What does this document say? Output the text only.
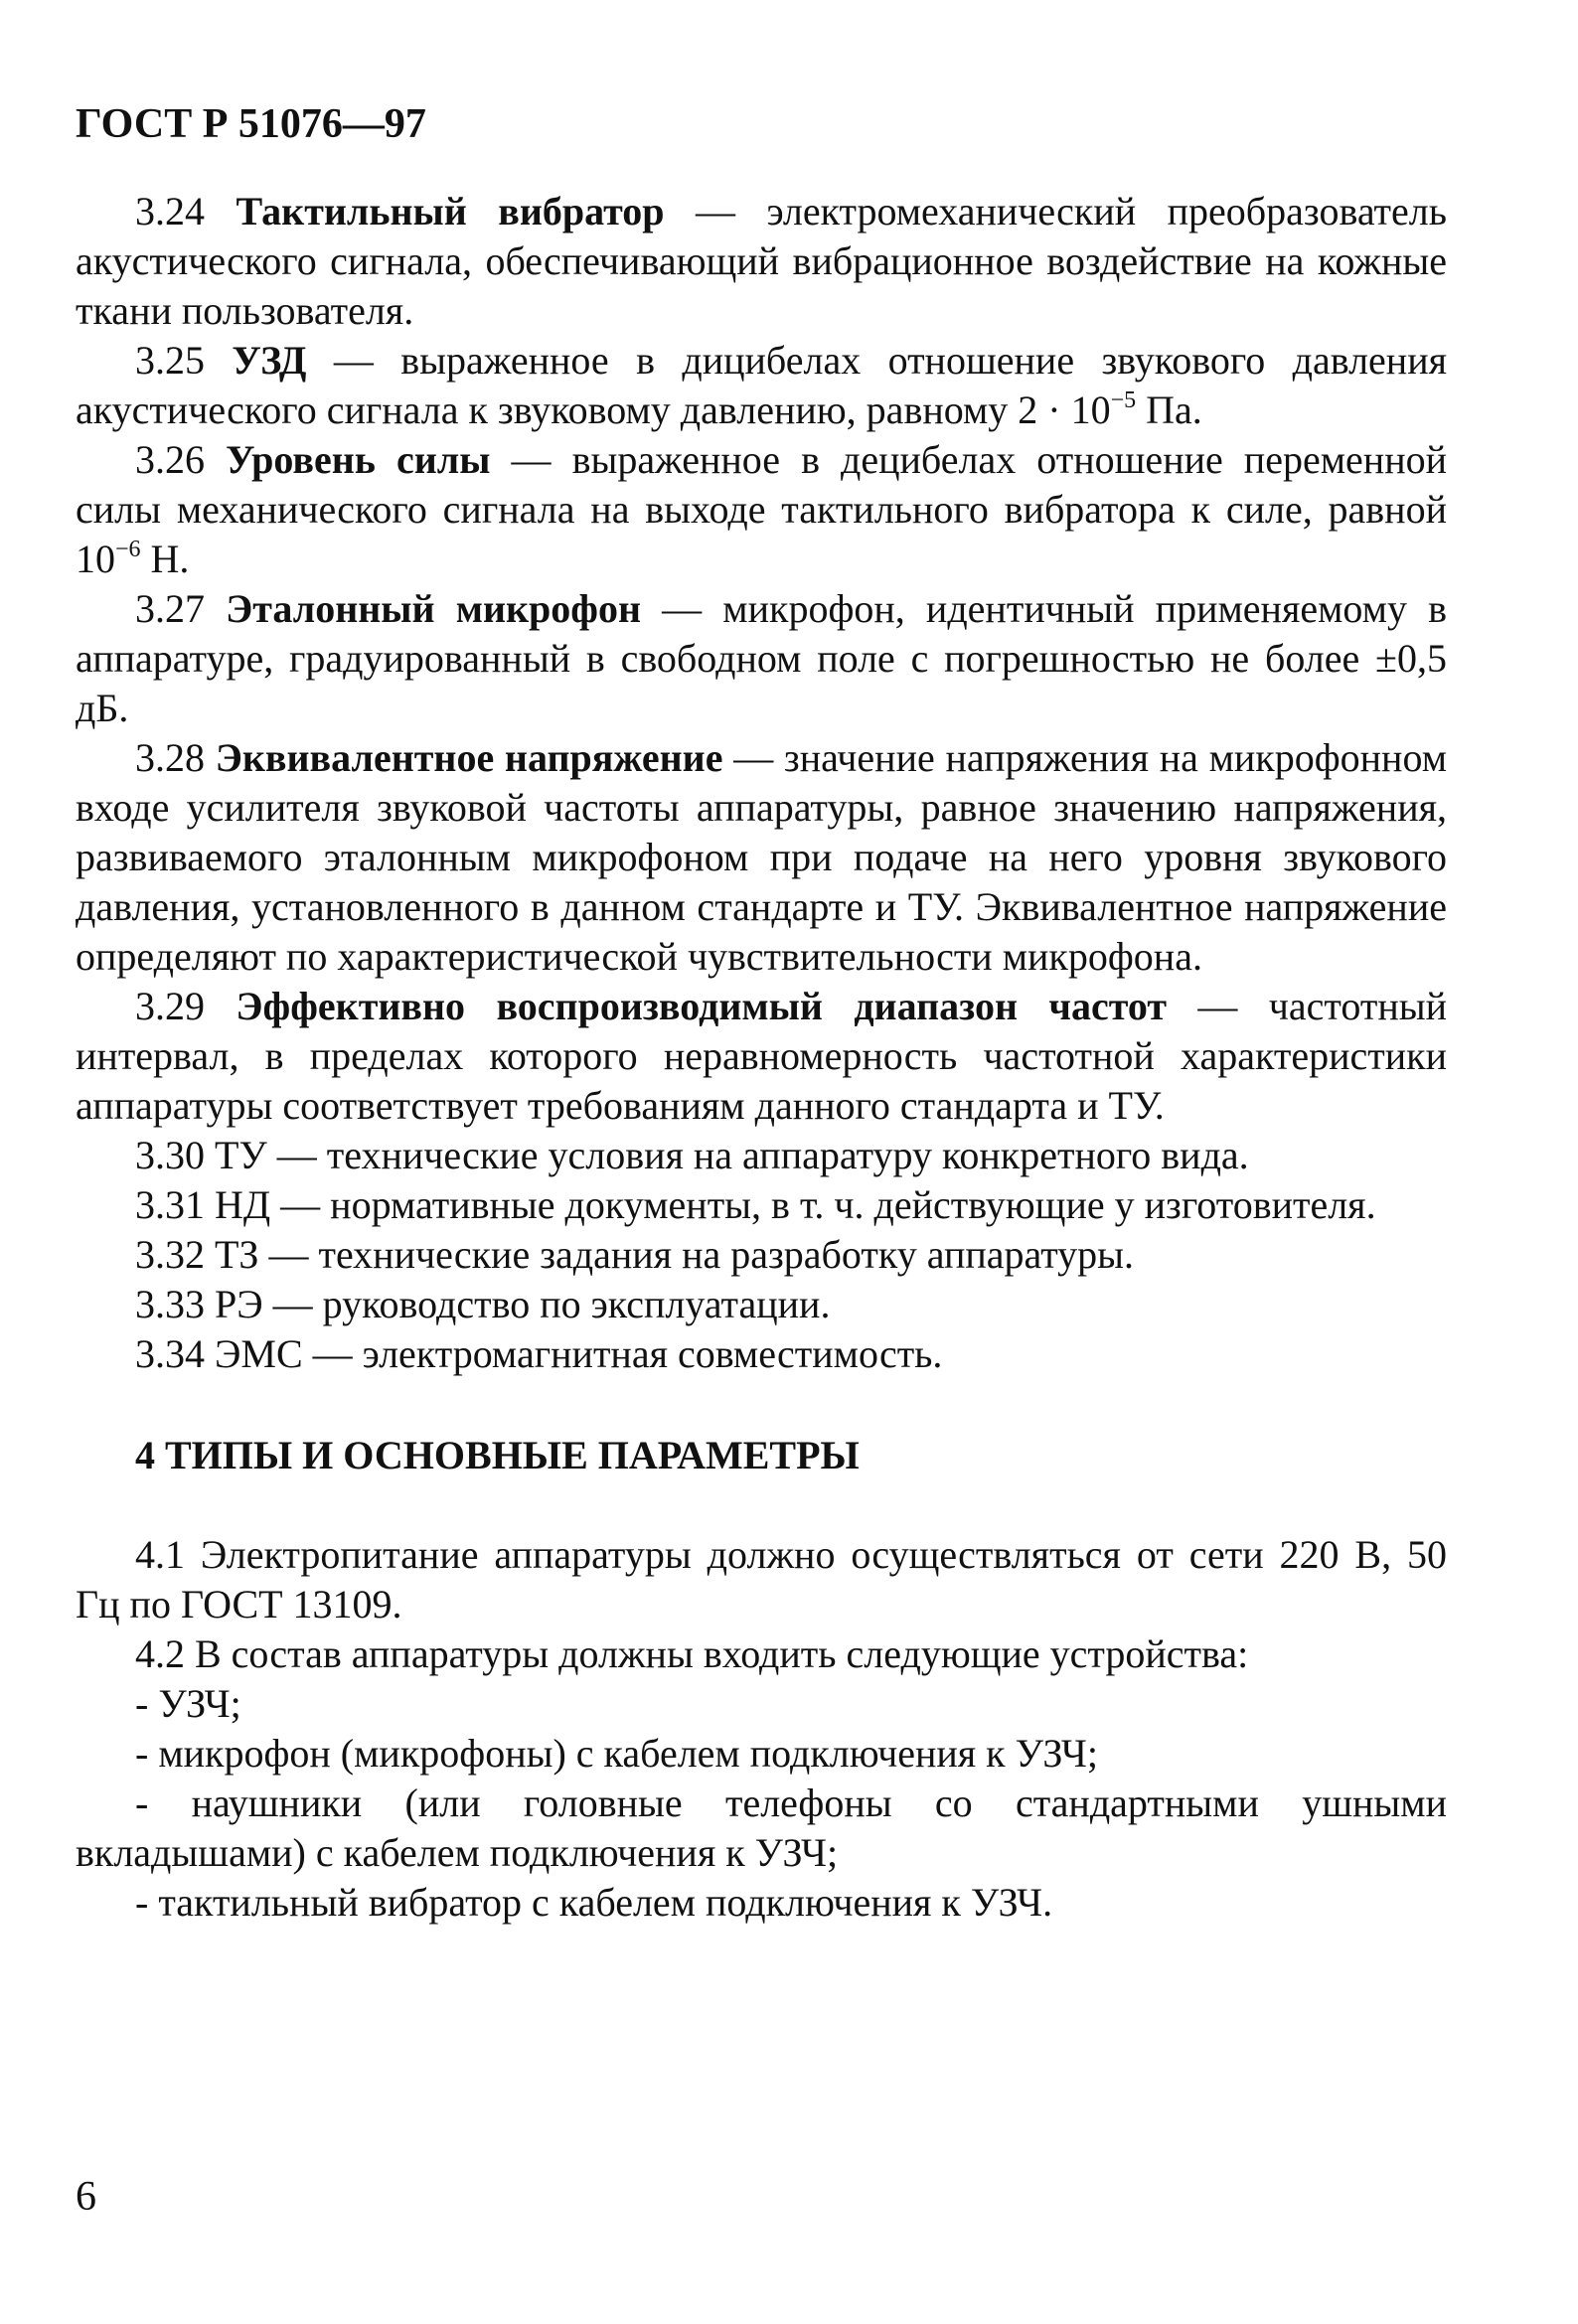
ГОСТ Р 51076—97

3.24 Тактильный вибратор — электромеханический преобразователь акустического сигнала, обеспечивающий вибрационное воздействие на кожные ткани пользователя.

3.25 УЗД — выраженное в дицибелах отношение звукового давления акустического сигнала к звуковому давлению, равному $2 \cdot 10^{-5}$ Па.

3.26 Уровень силы — выраженное в децибелах отношение переменной силы механического сигнала на выходе тактильного вибратора к силе, равной $10^{-6}$ Н.

3.27 Эталонный микрофон — микрофон, идентичный применяемому в аппаратуре, градуированный в свободном поле с погрешностью не более ±0,5 дБ.

3.28 Эквивалентное напряжение — значение напряжения на микрофонном входе усилителя звуковой частоты аппаратуры, равное значению напряжения, развиваемого эталонным микрофоном при подаче на него уровня звукового давления, установленного в данном стандарте и ТУ. Эквивалентное напряжение определяют по характеристической чувствительности микрофона.

3.29 Эффективно воспроизводимый диапазон частот — частотный интервал, в пределах которого неравномерность частотной характеристики аппаратуры соответствует требованиям данного стандарта и ТУ.

3.30 ТУ — технические условия на аппаратуру конкретного вида.

3.31 НД — нормативные документы, в т. ч. действующие у изготовителя.

3.32 ТЗ — технические задания на разработку аппаратуры.

3.33 РЭ — руководство по эксплуатации.

3.34 ЭМС — электромагнитная совместимость.

4 ТИПЫ И ОСНОВНЫЕ ПАРАМЕТРЫ

4.1 Электропитание аппаратуры должно осуществляться от сети 220 В, 50 Гц по ГОСТ 13109.

4.2 В состав аппаратуры должны входить следующие устройства:

- УЗЧ;

- микрофон (микрофоны) с кабелем подключения к УЗЧ;

- наушники (или головные телефоны со стандартными ушными вкладышами) с кабелем подключения к УЗЧ;

- тактильный вибратор с кабелем подключения к УЗЧ.

6
